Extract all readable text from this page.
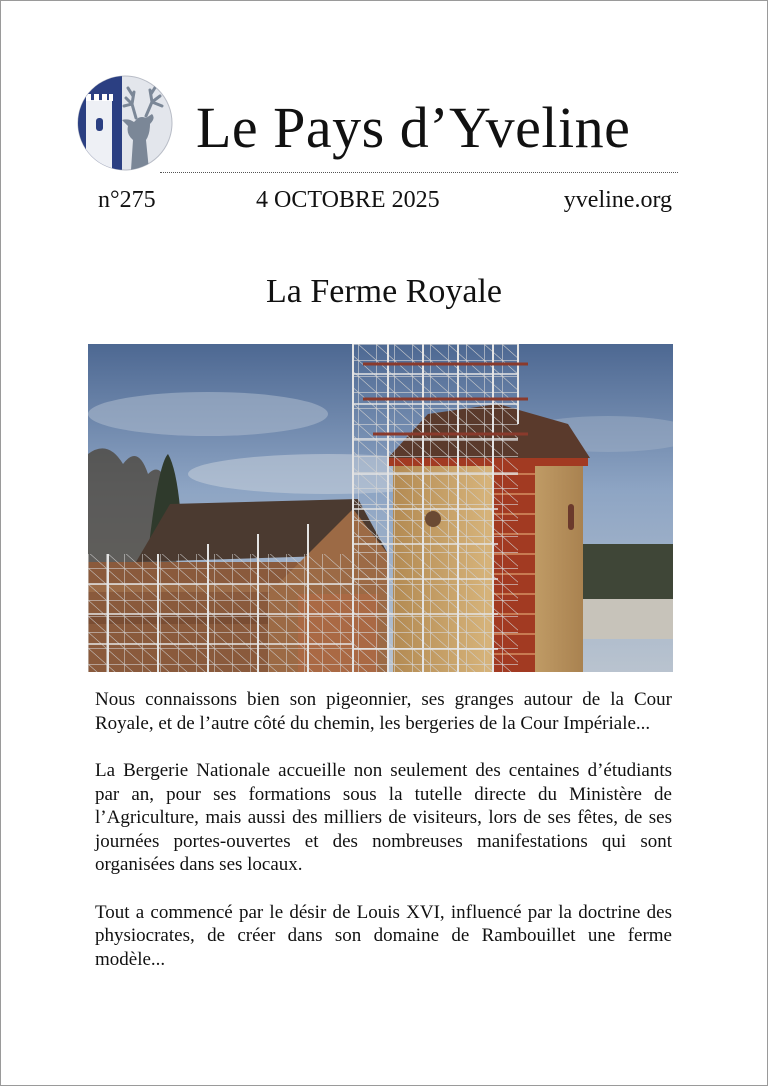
Le Pays d’Yveline
n°275	4 OCTOBRE 2025	yveline.org
La Ferme Royale

Nous connaissons bien son pigeonnier, ses granges autour de la Cour Royale, et de l’autre côté du chemin, les bergeries de la Cour Impériale...

La Bergerie Nationale accueille non seulement des centaines d’étudiants par an, pour ses formations sous la tutelle directe du Ministère de l’Agriculture, mais aussi des milliers de visiteurs, lors de ses fêtes, de ses journées portes-ouvertes et des nombreuses manifestations qui sont organisées dans ses locaux.

Tout a commencé par le désir de Louis XVI, influencé par la doctrine des physiocrates, de créer dans son domaine de Rambouillet une ferme modèle...
